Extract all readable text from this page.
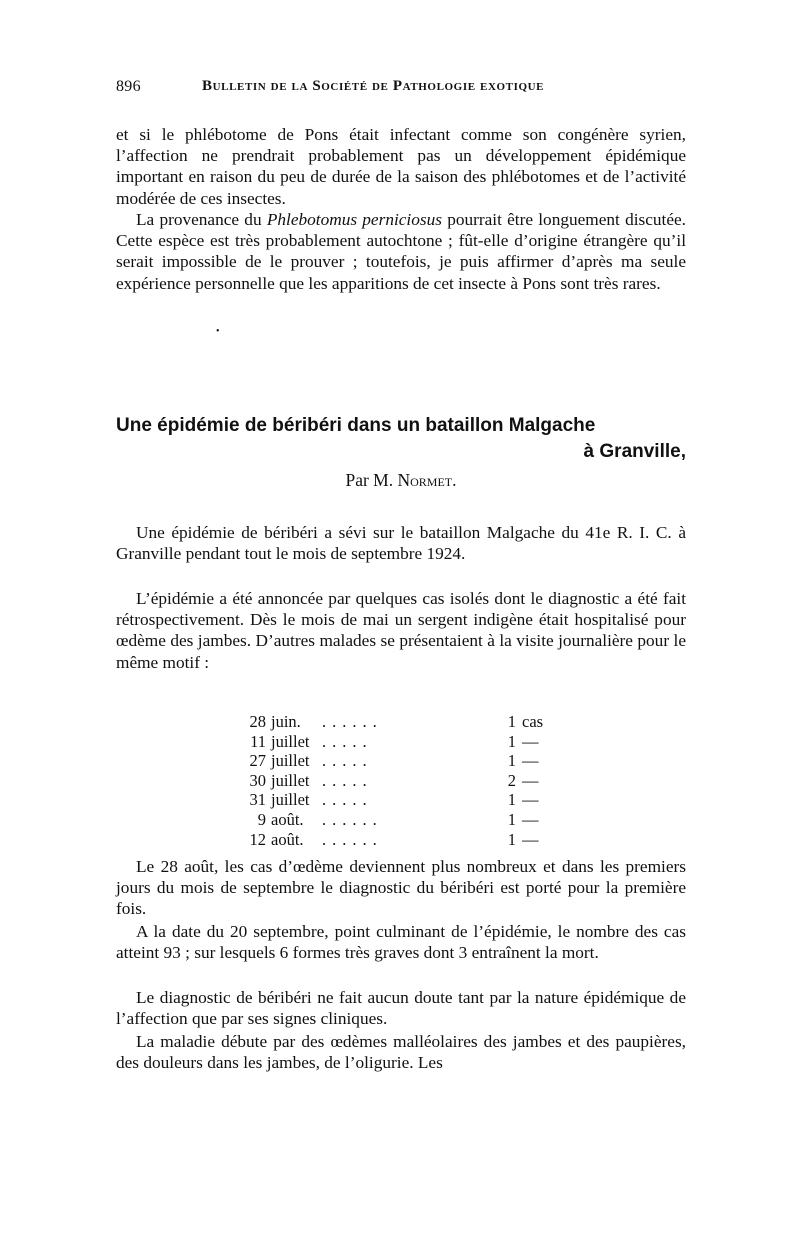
896	Bulletin de la Société de Pathologie exotique

et si le phlébotome de Pons était infectant comme son congénère syrien, l’affection ne prendrait probablement pas un développement épidémique important en raison du peu de durée de la saison des phlébotomes et de l’activité modérée de ces insectes.

La provenance du Phlebotomus perniciosus pourrait être longuement discutée. Cette espèce est très probablement autochtone ; fût-elle d’origine étrangère qu’il serait impossible de le prouver ; toutefois, je puis affirmer d’après ma seule expérience personnelle que les apparitions de cet insecte à Pons sont très rares.

•
Une épidémie de béribéri dans un bataillon Malgache
à Granville,
Par M. Normet.

Une épidémie de béribéri a sévi sur le bataillon Malgache du 41e R. I. C. à Granville pendant tout le mois de septembre 1924.

L’épidémie a été annoncée par quelques cas isolés dont le diagnostic a été fait rétrospectivement. Dès le mois de mai un sergent indigène était hospitalisé pour œdème des jambes. D’autres malades se présentaient à la visite journalière pour le même motif :

28 juin. ......	1 cas
11 juillet .....	1 —
27 juillet .....	1 —
30 juillet .....	2 —
31 juillet .....	1 —
9 août. ......	1 —
12 août. ......	1 —

Le 28 août, les cas d’œdème deviennent plus nombreux et dans les premiers jours du mois de septembre le diagnostic du béribéri est porté pour la première fois.

A la date du 20 septembre, point culminant de l’épidémie, le nombre des cas atteint 93 ; sur lesquels 6 formes très graves dont 3 entraînent la mort.

Le diagnostic de béribéri ne fait aucun doute tant par la nature épidémique de l’affection que par ses signes cliniques.

La maladie débute par des œdèmes malléolaires des jambes et des paupières, des douleurs dans les jambes, de l’oligurie. Les
